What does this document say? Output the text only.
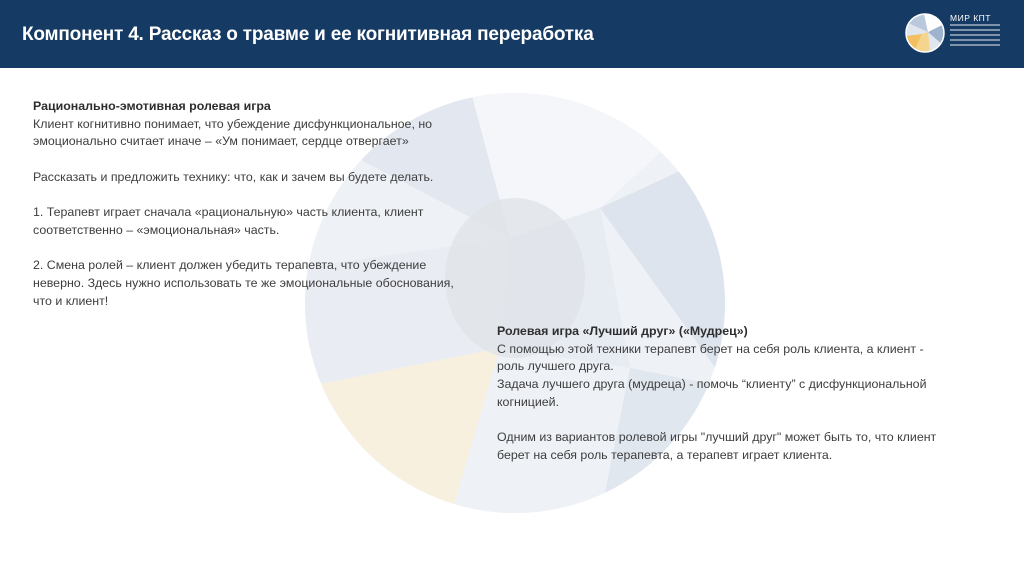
Компонент 4. Рассказ о травме и ее когнитивная переработка
МИР КПТ

Рационально-эмотивная ролевая игра

Клиент когнитивно понимает, что убеждение дисфункциональное, но

эмоционально считает иначе – «Ум понимает, сердце отвергает»

Рассказать и предложить технику: что, как и зачем вы будете делать.

1. Терапевт играет сначала «рациональную» часть клиента, клиент

соответственно – «эмоциональная» часть.

2. Смена ролей – клиент должен убедить терапевта, что убеждение

неверно. Здесь нужно использовать те же эмоциональные обоснования,

что и клиент!

Ролевая игра «Лучший друг» («Мудрец»)

С помощью этой техники терапевт берет на себя роль клиента, а клиент -

роль лучшего друга.

Задача лучшего друга (мудреца) - помочь “клиенту” с дисфункциональной

когницией.

Одним из вариантов ролевой игры "лучший друг" может быть то, что клиент

берет на себя роль терапевта, а терапевт играет клиента.
